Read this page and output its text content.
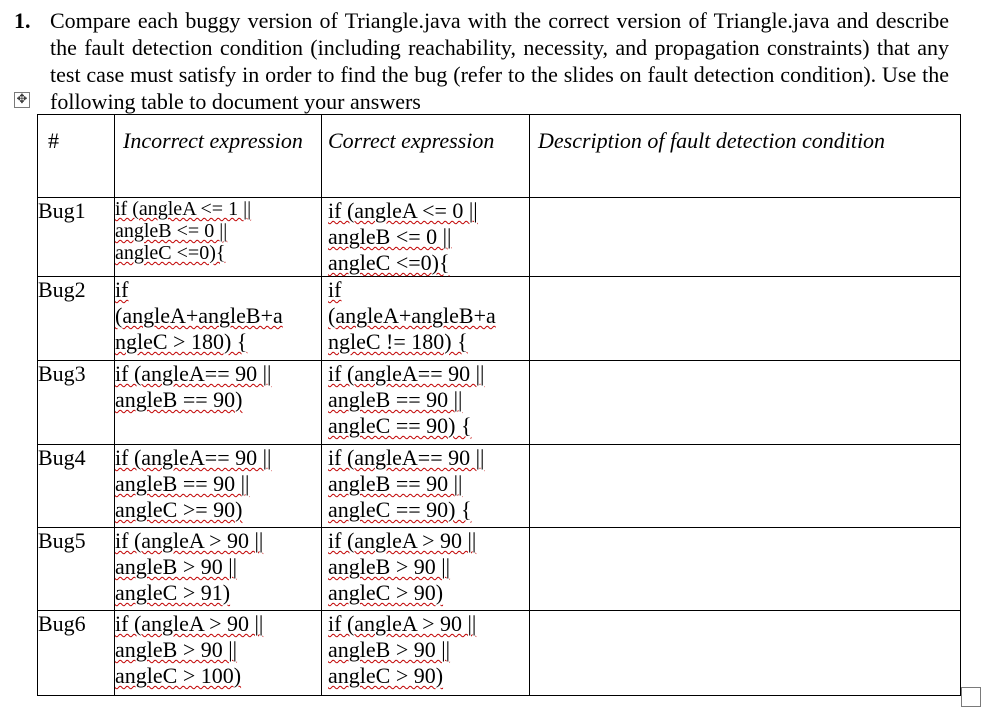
1. Compare each buggy version of Triangle.java with the correct version of Triangle.java and describe the fault detection condition (including reachability, necessity, and propagation constraints) that any test case must satisfy in order to find the bug (refer to the slides on fault detection condition). Use the following table to document your answers
✥
#	Incorrect expression	Correct expression	Description of fault detection condition
Bug1	if (angleA <= 1 ||
angleB <= 0 ||
angleC <=0){	if (angleA <= 0 ||
angleB <= 0 ||
angleC <=0){	

Bug2	if
(angleA+angleB+a
ngleC > 180) {	if
(angleA+angleB+a
ngleC != 180) {	

Bug3	if (angleA== 90 ||
angleB == 90)	if (angleA== 90 ||
angleB == 90 ||
angleC == 90) {	

Bug4	if (angleA== 90 ||
angleB == 90 ||
angleC >= 90)	if (angleA== 90 ||
angleB == 90 ||
angleC == 90) {	

Bug5	if (angleA > 90 ||
angleB > 90 ||
angleC > 91)	if (angleA > 90 ||
angleB > 90 ||
angleC > 90)	

Bug6	if (angleA > 90 ||
angleB > 90 ||
angleC > 100)	if (angleA > 90 ||
angleB > 90 ||
angleC > 90)	
